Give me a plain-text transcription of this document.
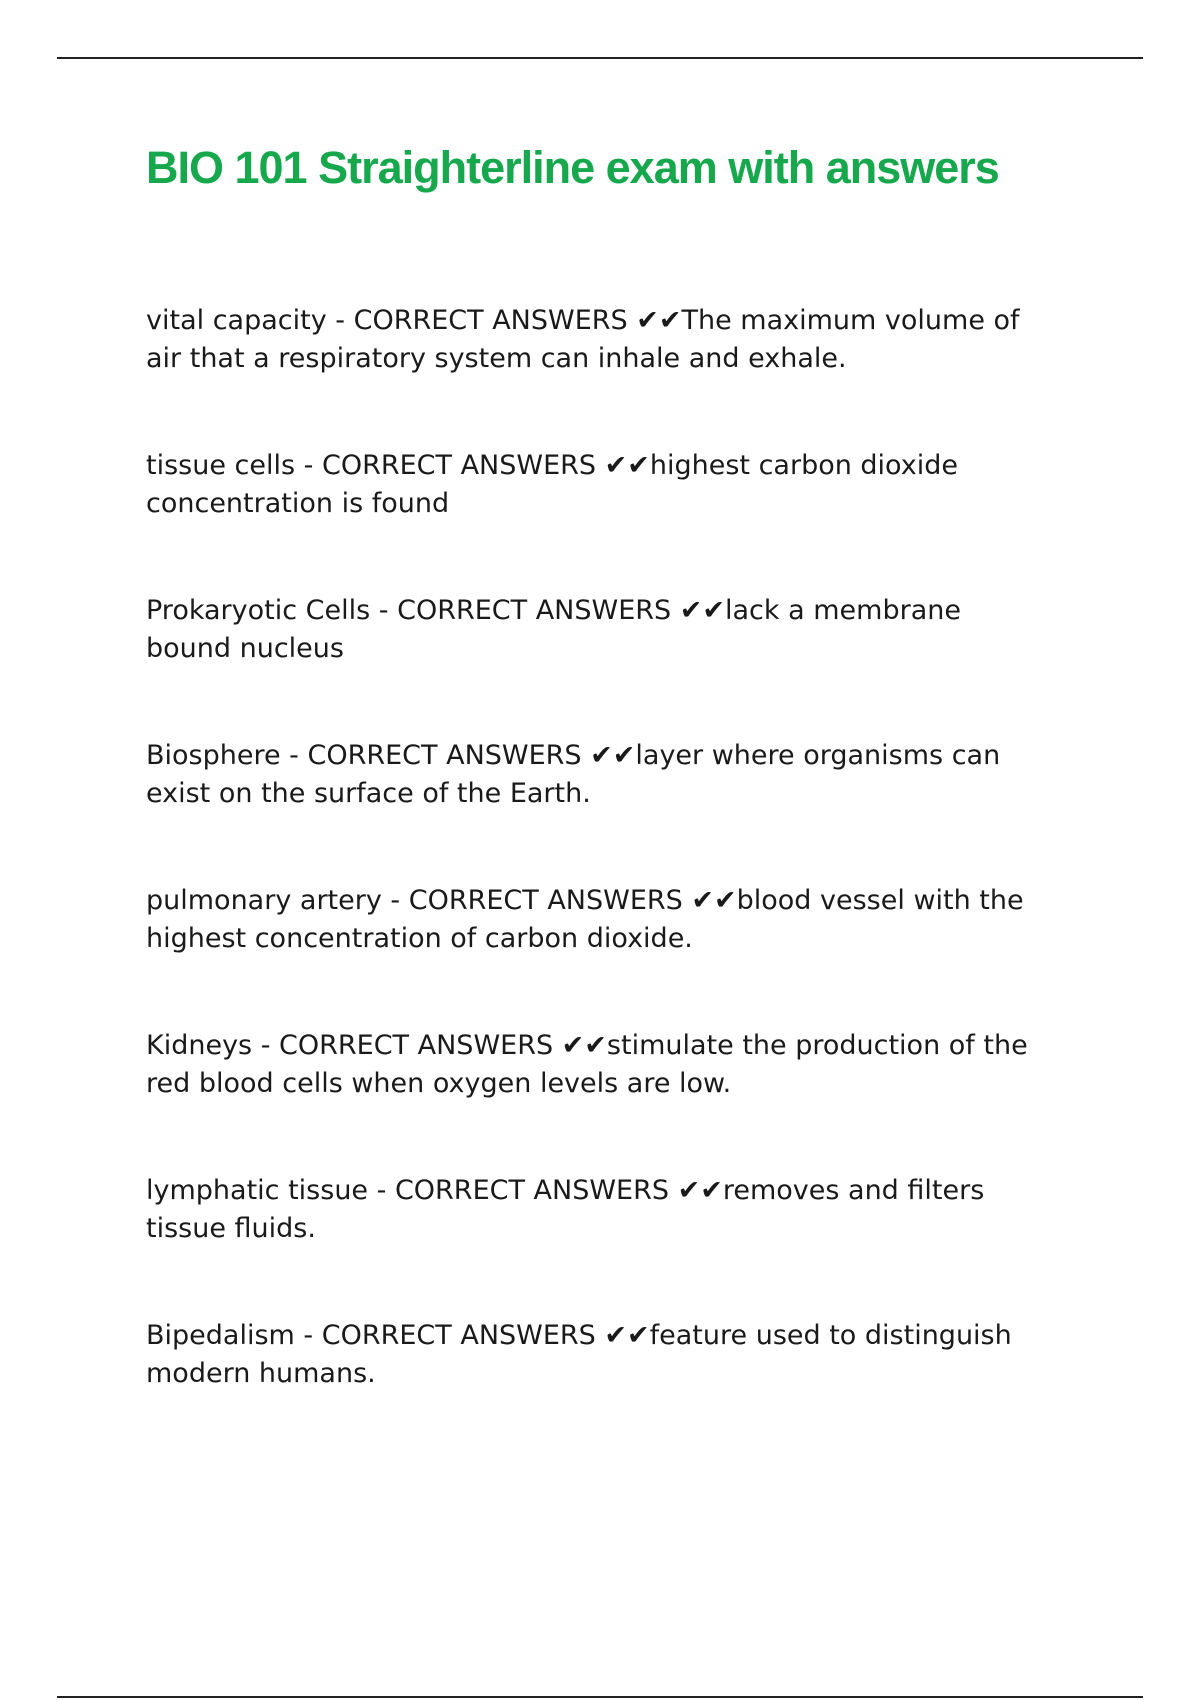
BIO 101 Straighterline exam with answers
vital capacity - CORRECT ANSWERS ✔✔The maximum volume of
air that a respiratory system can inhale and exhale.
tissue cells - CORRECT ANSWERS ✔✔highest carbon dioxide
concentration is found
Prokaryotic Cells - CORRECT ANSWERS ✔✔lack a membrane
bound nucleus
Biosphere - CORRECT ANSWERS ✔✔layer where organisms can
exist on the surface of the Earth.
pulmonary artery - CORRECT ANSWERS ✔✔blood vessel with the
highest concentration of carbon dioxide.
Kidneys - CORRECT ANSWERS ✔✔stimulate the production of the
red blood cells when oxygen levels are low.
lymphatic tissue - CORRECT ANSWERS ✔✔removes and filters
tissue fluids.
Bipedalism - CORRECT ANSWERS ✔✔feature used to distinguish
modern humans.
